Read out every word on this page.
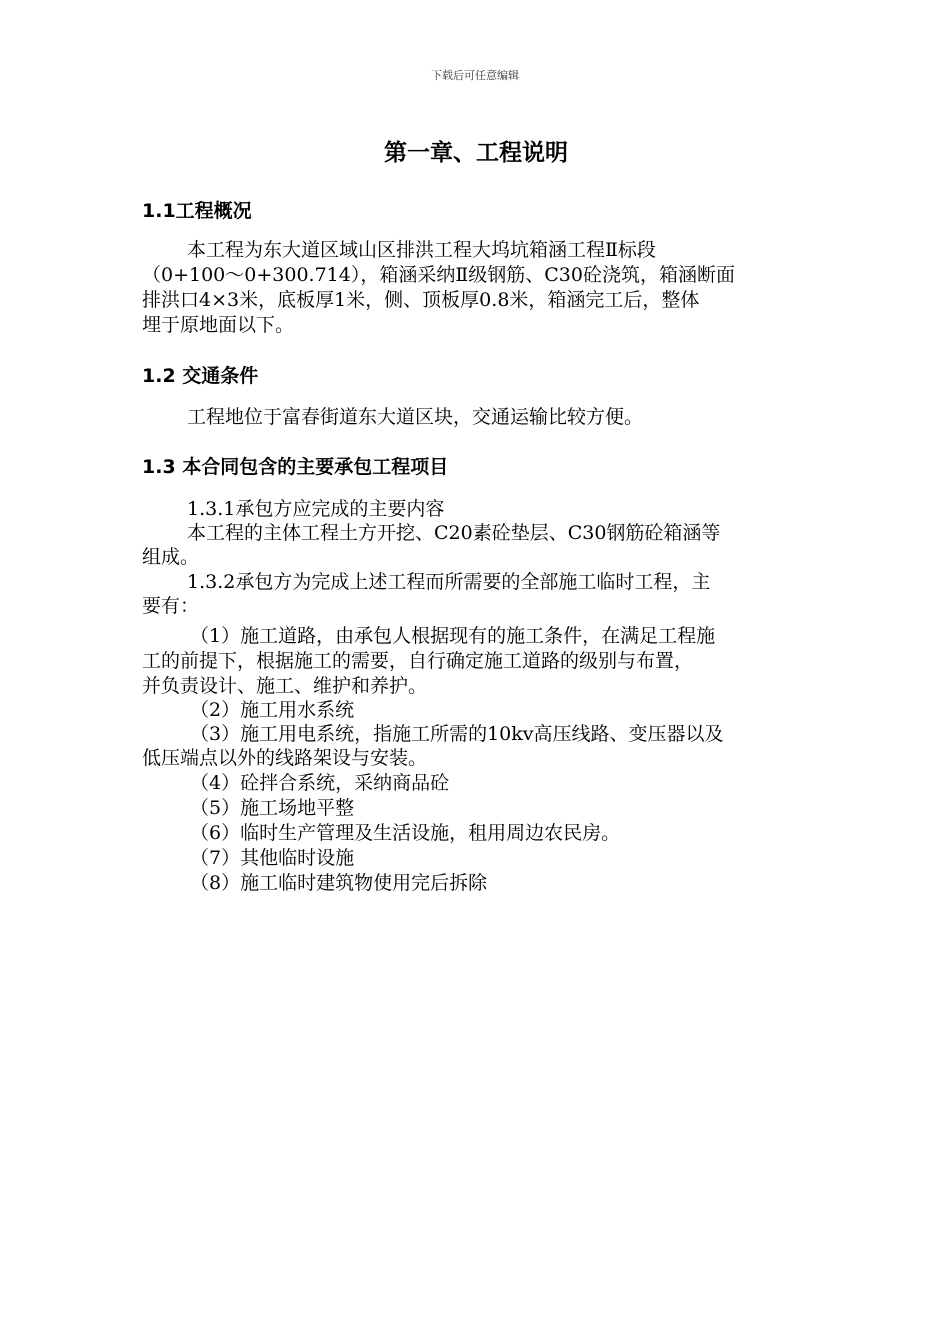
下载后可任意编辑
第一章、工程说明
1.1工程概况

本工程为东大道区域山区排洪工程大坞坑箱涵工程Ⅱ标段

（0+100～0+300.714），箱涵采纳Ⅱ级钢筋、C30砼浇筑，箱涵断面

排洪口4×3米，底板厚1米，侧、顶板厚0.8米，箱涵完工后，整体

埋于原地面以下。

1.2 交通条件

工程地位于富春街道东大道区块，交通运输比较方便。

1.3 本合同包含的主要承包工程项目

1.3.1承包方应完成的主要内容

本工程的主体工程土方开挖、C20素砼垫层、C30钢筋砼箱涵等

组成。

1.3.2承包方为完成上述工程而所需要的全部施工临时工程，主

要有：

（1）施工道路，由承包人根据现有的施工条件，在满足工程施

工的前提下，根据施工的需要，自行确定施工道路的级别与布置，

并负责设计、施工、维护和养护。

（2）施工用水系统

（3）施工用电系统，指施工所需的10kv高压线路、变压器以及

低压端点以外的线路架设与安装。

（4）砼拌合系统，采纳商品砼

（5）施工场地平整

（6）临时生产管理及生活设施，租用周边农民房。

（7）其他临时设施

（8）施工临时建筑物使用完后拆除
